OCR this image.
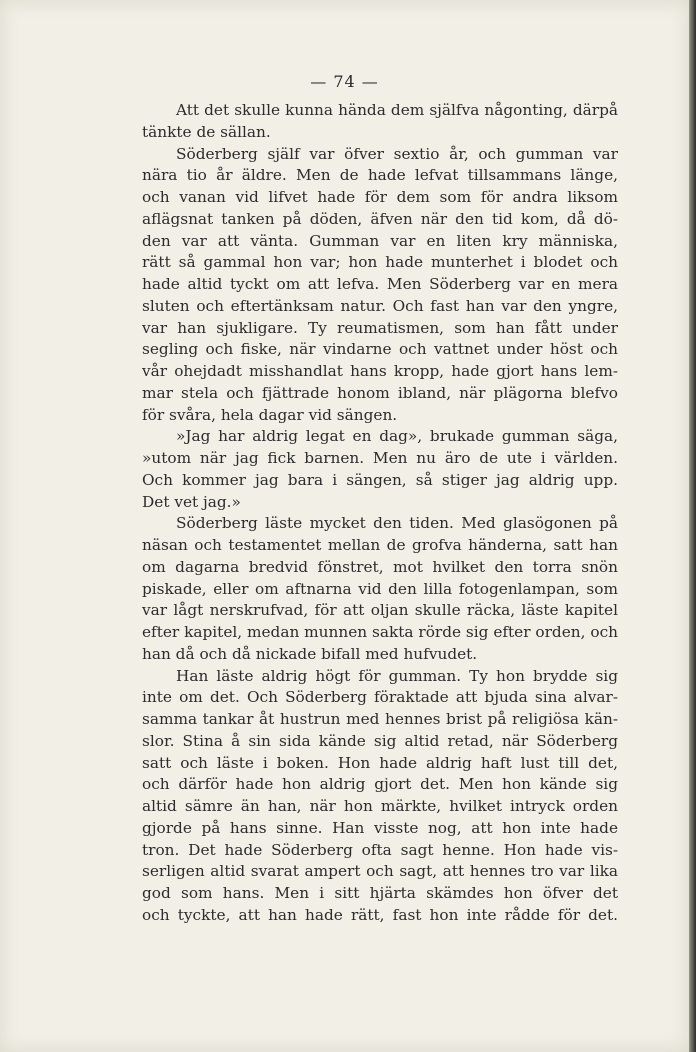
— 74 —
Att det skulle kunna hända dem själfva någonting, därpå
tänkte de sällan.
Söderberg själf var öfver sextio år, och gumman var
nära tio år äldre. Men de hade lefvat tillsammans länge,
och vanan vid lifvet hade för dem som för andra liksom
aflägsnat tanken på döden, äfven när den tid kom, då dö-
den var att vänta. Gumman var en liten kry människa,
rätt så gammal hon var; hon hade munterhet i blodet och
hade altid tyckt om att lefva. Men Söderberg var en mera
sluten och eftertänksam natur. Och fast han var den yngre,
var han sjukligare. Ty reumatismen, som han fått under
segling och fiske, när vindarne och vattnet under höst och
vår ohejdadt misshandlat hans kropp, hade gjort hans lem-
mar stela och fjättrade honom ibland, när plägorna blefvo
för svåra, hela dagar vid sängen.
»Jag har aldrig legat en dag», brukade gumman säga,
»utom när jag fick barnen. Men nu äro de ute i världen.
Och kommer jag bara i sängen, så stiger jag aldrig upp.
Det vet jag.»
Söderberg läste mycket den tiden. Med glasögonen på
näsan och testamentet mellan de grofva händerna, satt han
om dagarna bredvid fönstret, mot hvilket den torra snön
piskade, eller om aftnarna vid den lilla fotogenlampan, som
var lågt nerskrufvad, för att oljan skulle räcka, läste kapitel
efter kapitel, medan munnen sakta rörde sig efter orden, och
han då och då nickade bifall med hufvudet.
Han läste aldrig högt för gumman. Ty hon brydde sig
inte om det. Och Söderberg föraktade att bjuda sina alvar-
samma tankar åt hustrun med hennes brist på religiösa kän-
slor. Stina å sin sida kände sig altid retad, när Söderberg
satt och läste i boken. Hon hade aldrig haft lust till det,
och därför hade hon aldrig gjort det. Men hon kände sig
altid sämre än han, när hon märkte, hvilket intryck orden
gjorde på hans sinne. Han visste nog, att hon inte hade
tron. Det hade Söderberg ofta sagt henne. Hon hade vis-
serligen altid svarat ampert och sagt, att hennes tro var lika
god som hans. Men i sitt hjärta skämdes hon öfver det
och tyckte, att han hade rätt, fast hon inte rådde för det.
